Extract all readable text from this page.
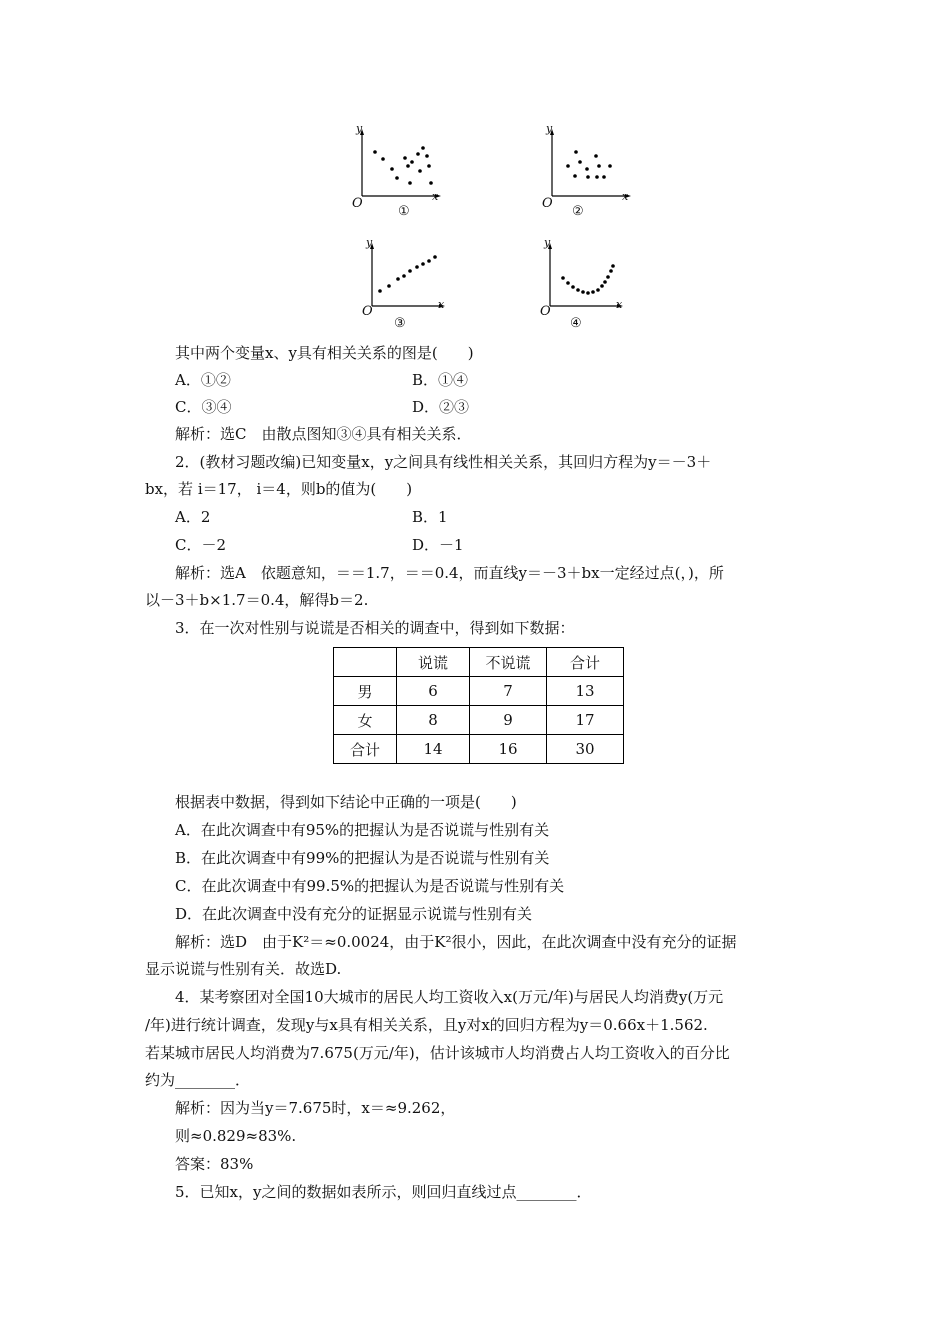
y
O	x
①
y
O	x
②
y
O	x
③
y
O	x
④
其中两个变量x、y具有相关关系的图是(　　)
A．①②	B．①④
C．③④	D．②③
解析：选C　由散点图知③④具有相关关系．
2．(教材习题改编)已知变量x，y之间具有线性相关关系，其回归方程为y＝－3＋
bx，若 i＝17， i＝4，则b的值为(　　)
A．2	B．1
C．－2	D．－1
解析：选A　依题意知，＝＝1.7，＝＝0.4，而直线y＝－3＋bx一定经过点(，)，所
以－3＋b×1.7＝0.4，解得b＝2.
3．在一次对性别与说谎是否相关的调查中，得到如下数据：
	说谎	不说谎	合计
男	6	7	13
女	8	9	17
合计	14	16	30
根据表中数据，得到如下结论中正确的一项是(　　)
A．在此次调查中有95%的把握认为是否说谎与性别有关
B．在此次调查中有99%的把握认为是否说谎与性别有关
C．在此次调查中有99.5%的把握认为是否说谎与性别有关
D．在此次调查中没有充分的证据显示说谎与性别有关
解析：选D　由于K²＝≈0.0024，由于K²很小，因此，在此次调查中没有充分的证据
显示说谎与性别有关．故选D.
4．某考察团对全国10大城市的居民人均工资收入x(万元/年)与居民人均消费y(万元
/年)进行统计调查，发现y与x具有相关关系，且y对x的回归方程为y＝0.66x＋1.562.
若某城市居民人均消费为7.675(万元/年)，估计该城市人均消费占人均工资收入的百分比
约为________．
解析：因为当y＝7.675时，x＝≈9.262，
则≈0.829≈83%.
答案：83%
5．已知x，y之间的数据如表所示，则回归直线过点________．
